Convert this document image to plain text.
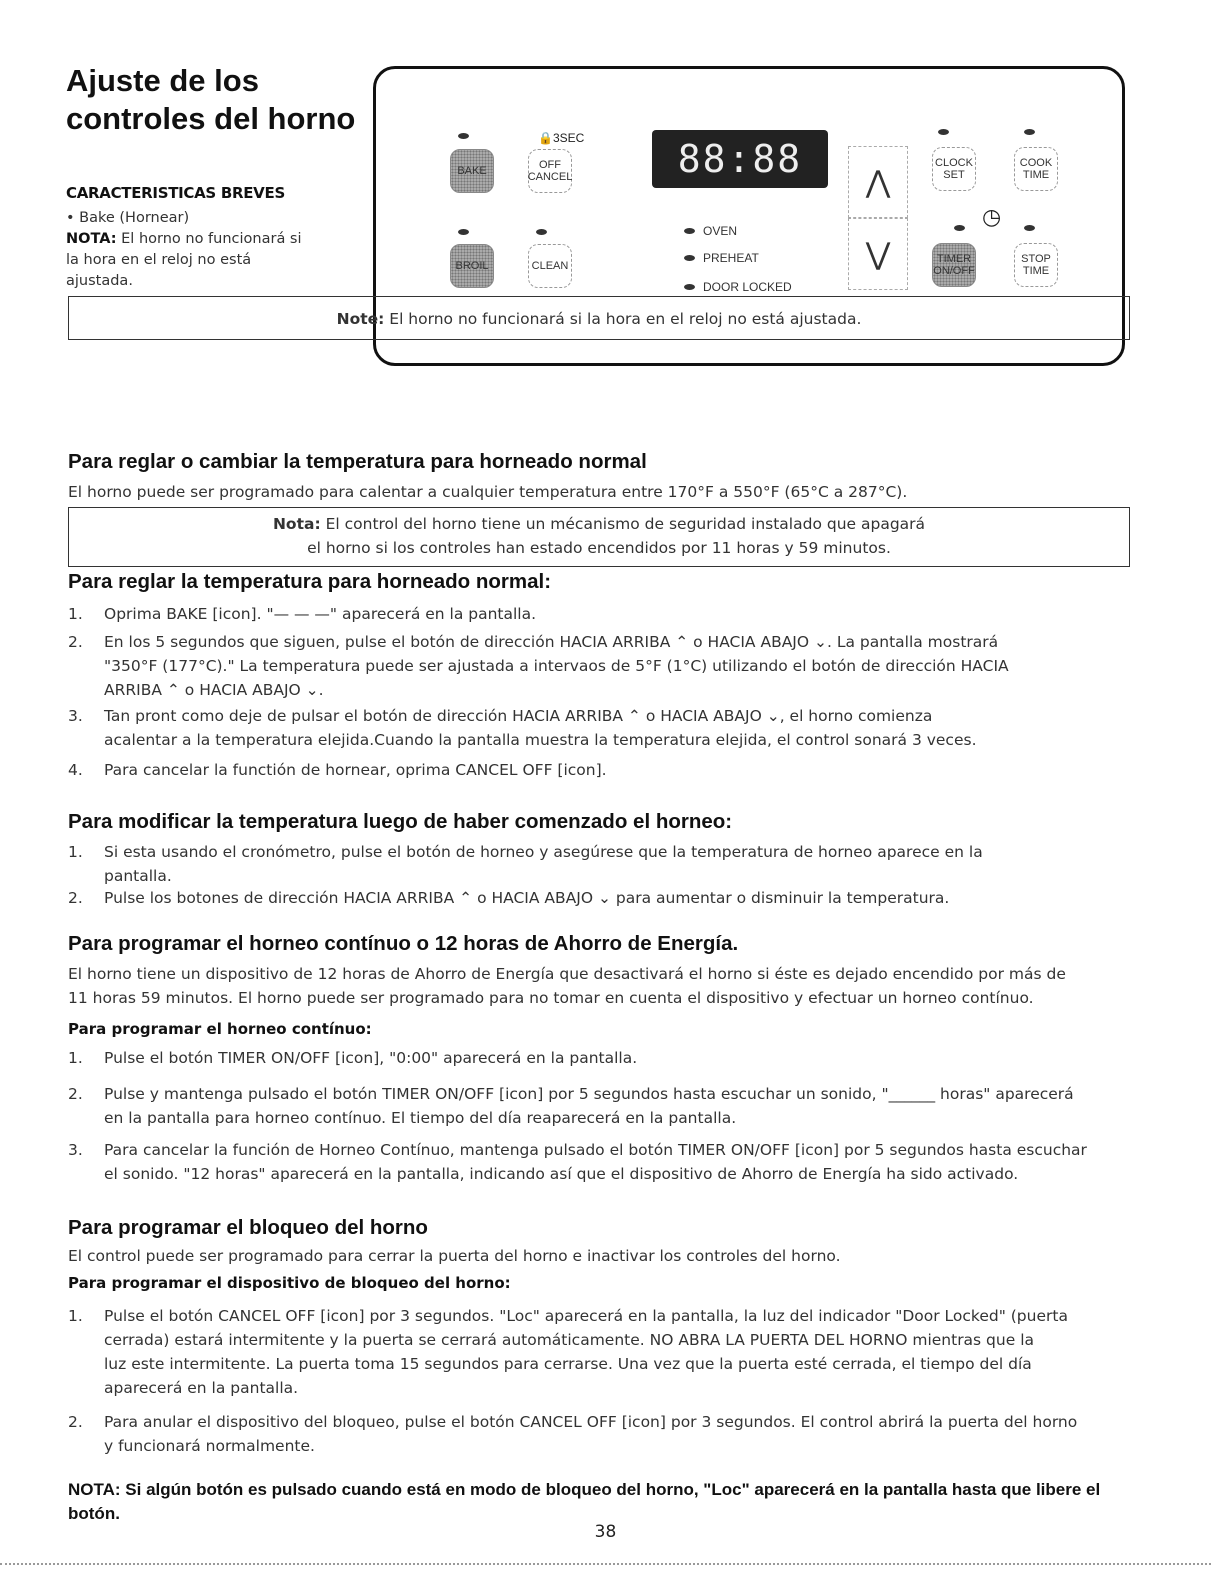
Ajuste de los controles del horno
CARACTERISTICAS BREVES
• Bake (Hornear)
NOTA: El horno no funcionará si la hora en el reloj no está ajustada.
🔒3SEC
BAKE	OFF CANCEL
BROIL	CLEAN
CLOCK SET
COOK TIME
◷
TIMER ON/OFF
STOP TIME
88:88
OVEN
PREHEAT
DOOR LOCKED
⋀
⋁
Note: El horno no funcionará si la hora en el reloj no está ajustada.
Para reglar o cambiar la temperatura para horneado normal
El horno puede ser programado para calentar a cualquier temperatura entre 170°F a 550°F (65°C a 287°C).
Nota: El control del horno tiene un mécanismo de seguridad instalado que apagará
el horno si los controles han estado encendidos por 11 horas y 59 minutos.
Para reglar la temperatura para horneado normal:
1.	Oprima BAKE [icon]. "— — —" aparecerá en la pantalla.
2.	En los 5 segundos que siguen, pulse el botón de dirección HACIA ARRIBA ⌃ o HACIA ABAJO ⌄. La pantalla mostrará
"350°F (177°C)." La temperatura puede ser ajustada a intervaos de 5°F (1°C) utilizando el botón de dirección HACIA
ARRIBA ⌃ o HACIA ABAJO ⌄.
3.	Tan pront como deje de pulsar el botón de dirección HACIA ARRIBA ⌃ o HACIA ABAJO ⌄, el horno comienza
acalentar a la temperatura elejida.Cuando la pantalla muestra la temperatura elejida, el control sonará 3 veces.
4.	Para cancelar la functión de hornear, oprima CANCEL OFF [icon].
Para modificar la temperatura luego de haber comenzado el horneo:
1.	Si esta usando el cronómetro, pulse el botón de horneo y asegúrese que la temperatura de horneo aparece en la
pantalla.
2.	Pulse los botones de dirección HACIA ARRIBA ⌃ o HACIA ABAJO ⌄ para aumentar o disminuir la temperatura.
Para programar el horneo contínuo o 12 horas de Ahorro de Energía.
El horno tiene un dispositivo de 12 horas de Ahorro de Energía que desactivará el horno si éste es dejado encendido por más de
11 horas 59 minutos. El horno puede ser programado para no tomar en cuenta el dispositivo y efectuar un horneo contínuo.
Para programar el horneo contínuo:
1.	Pulse el botón TIMER ON/OFF [icon], "0:00" aparecerá en la pantalla.
2.	Pulse y mantenga pulsado el botón TIMER ON/OFF [icon] por 5 segundos hasta escuchar un sonido, "______ horas" aparecerá
en la pantalla para horneo contínuo. El tiempo del día reaparecerá en la pantalla.
3.	Para cancelar la función de Horneo Contínuo, mantenga pulsado el botón TIMER ON/OFF [icon] por 5 segundos hasta escuchar
el sonido. "12 horas" aparecerá en la pantalla, indicando así que el dispositivo de Ahorro de Energía ha sido activado.
Para programar el bloqueo del horno
El control puede ser programado para cerrar la puerta del horno e inactivar los controles del horno.
Para programar el dispositivo de bloqueo del horno:
1.	Pulse el botón CANCEL OFF [icon] por 3 segundos. "Loc" aparecerá en la pantalla, la luz del indicador "Door Locked" (puerta
cerrada) estará intermitente y la puerta se cerrará automáticamente. NO ABRA LA PUERTA DEL HORNO mientras que la
luz este intermitente. La puerta toma 15 segundos para cerrarse. Una vez que la puerta esté cerrada, el tiempo del día
aparecerá en la pantalla.
2.	Para anular el dispositivo del bloqueo, pulse el botón CANCEL OFF [icon] por 3 segundos. El control abrirá la puerta del horno
y funcionará normalmente.
NOTA: Si algún botón es pulsado cuando está en modo de bloqueo del horno, "Loc" aparecerá en la pantalla hasta que libere el botón.
38
